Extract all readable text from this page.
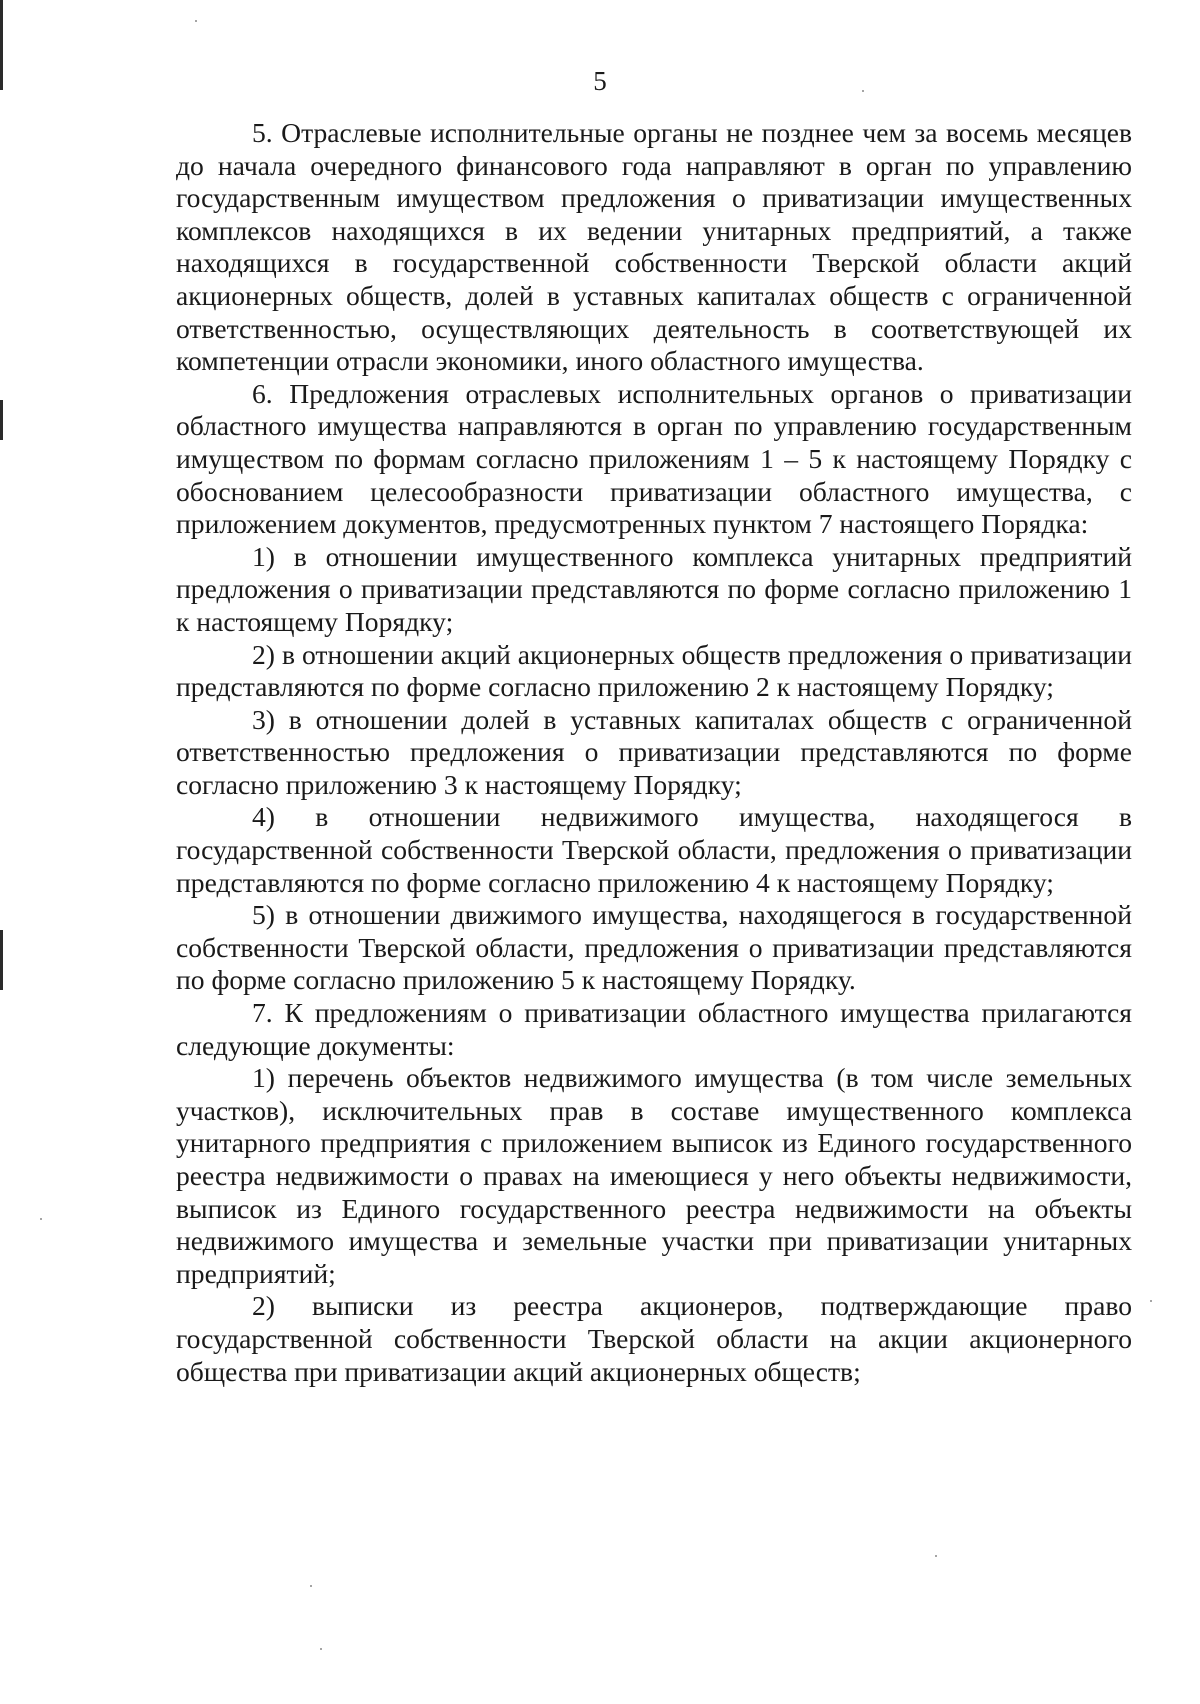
5

5. Отраслевые исполнительные органы не позднее чем за восемь месяцев до начала очередного финансового года направляют в орган по управлению государственным имуществом предложения о приватизации имущественных комплексов находящихся в их ведении унитарных предприятий, а также находящихся в государственной собственности Тверской области акций акционерных обществ, долей в уставных капиталах обществ с ограниченной ответственностью, осуществляющих деятельность в соответствующей их компетенции отрасли экономики, иного областного имущества.

6. Предложения отраслевых исполнительных органов о приватизации областного имущества направляются в орган по управлению государственным имуществом по формам согласно приложениям 1 – 5 к настоящему Порядку с обоснованием целесообразности приватизации областного имущества, с приложением документов, предусмотренных пунктом 7 настоящего Порядка:

1) в отношении имущественного комплекса унитарных предприятий предложения о приватизации представляются по форме согласно приложению 1 к настоящему Порядку;

2) в отношении акций акционерных обществ предложения о приватизации представляются по форме согласно приложению 2 к настоящему Порядку;

3) в отношении долей в уставных капиталах обществ с ограниченной ответственностью предложения о приватизации представляются по форме согласно приложению 3 к настоящему Порядку;

4) в отношении недвижимого имущества, находящегося в государственной собственности Тверской области, предложения о приватизации представляются по форме согласно приложению 4 к настоящему Порядку;

5) в отношении движимого имущества, находящегося в государственной собственности Тверской области, предложения о приватизации представляются по форме согласно приложению 5 к настоящему Порядку.

7. К предложениям о приватизации областного имущества прилагаются следующие документы:

1) перечень объектов недвижимого имущества (в том числе земельных участков), исключительных прав в составе имущественного комплекса унитарного предприятия с приложением выписок из Единого государственного реестра недвижимости о правах на имеющиеся у него объекты недвижимости, выписок из Единого государственного реестра недвижимости на объекты недвижимого имущества и земельные участки при приватизации унитарных предприятий;

2) выписки из реестра акционеров, подтверждающие право государственной собственности Тверской области на акции акционерного общества при приватизации акций акционерных обществ;
